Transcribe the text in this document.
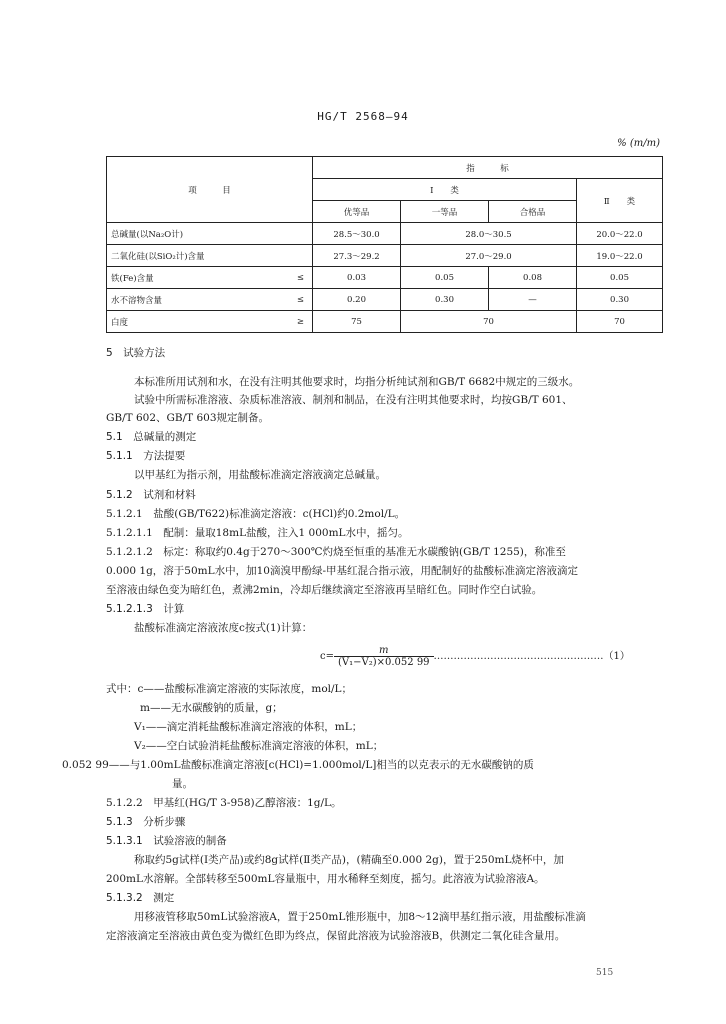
HG/T 2568—94
% (m/m)
项　　　目		指　　　标			
		Ⅰ　　类			Ⅱ　　类
		优等品	一等品	合格品	
总碱量(以Na₂O计)		28.5～30.0	28.0～30.5		20.0～22.0
二氧化硅(以SiO₂计)含量		27.3～29.2	27.0～29.0		19.0～22.0
铁(Fe)含量	≤	0.03	0.05	0.08	0.05
水不溶物含量	≤	0.20	0.30	—	0.30
白度	≥	75	70		70
5　试验方法
本标准所用试剂和水，在没有注明其他要求时，均指分析纯试剂和GB/T 6682中规定的三级水。
试验中所需标准溶液、杂质标准溶液、制剂和制品，在没有注明其他要求时，均按GB/T 601、
GB/T 602、GB/T 603规定制备。
5.1　总碱量的测定
5.1.1　方法提要
以甲基红为指示剂，用盐酸标准滴定溶液滴定总碱量。
5.1.2　试剂和材料
5.1.2.1　盐酸(GB/T622)标准滴定溶液：c(HCl)约0.2mol/L。
5.1.2.1.1　配制：量取18mL盐酸，注入1 000mL水中，摇匀。
5.1.2.1.2　标定：称取约0.4g于270～300℃灼烧至恒重的基准无水碳酸钠(GB/T 1255)，称准至
0.000 1g，溶于50mL水中，加10滴溴甲酚绿-甲基红混合指示液，用配制好的盐酸标准滴定溶液滴定
至溶液由绿色变为暗红色，煮沸2min，冷却后继续滴定至溶液再呈暗红色。同时作空白试验。
5.1.2.1.3　计算
盐酸标准滴定溶液浓度c按式(1)计算：
$c= \frac{m}{\text{(V₁−V₂)×0.052 99}}$ ……………………………………………（1）
式中：c——盐酸标准滴定溶液的实际浓度，mol/L；
m——无水碳酸钠的质量，g；
V₁——滴定消耗盐酸标准滴定溶液的体积，mL；
V₂——空白试验消耗盐酸标准滴定溶液的体积，mL；
0.052 99——与1.00mL盐酸标准滴定溶液[c(HCl)=1.000mol/L]相当的以克表示的无水碳酸钠的质
量。
5.1.2.2　甲基红(HG/T 3-958)乙醇溶液：1g/L。
5.1.3　分析步骤
5.1.3.1　试验溶液的制备
称取约5g试样(Ⅰ类产品)或约8g试样(Ⅱ类产品)，(精确至0.000 2g)，置于250mL烧杯中，加
200mL水溶解。全部转移至500mL容量瓶中，用水稀释至刻度，摇匀。此溶液为试验溶液A。
5.1.3.2　测定
用移液管移取50mL试验溶液A，置于250mL锥形瓶中，加8～12滴甲基红指示液，用盐酸标准滴
定溶液滴定至溶液由黄色变为微红色即为终点，保留此溶液为试验溶液B，供测定二氧化硅含量用。
515
